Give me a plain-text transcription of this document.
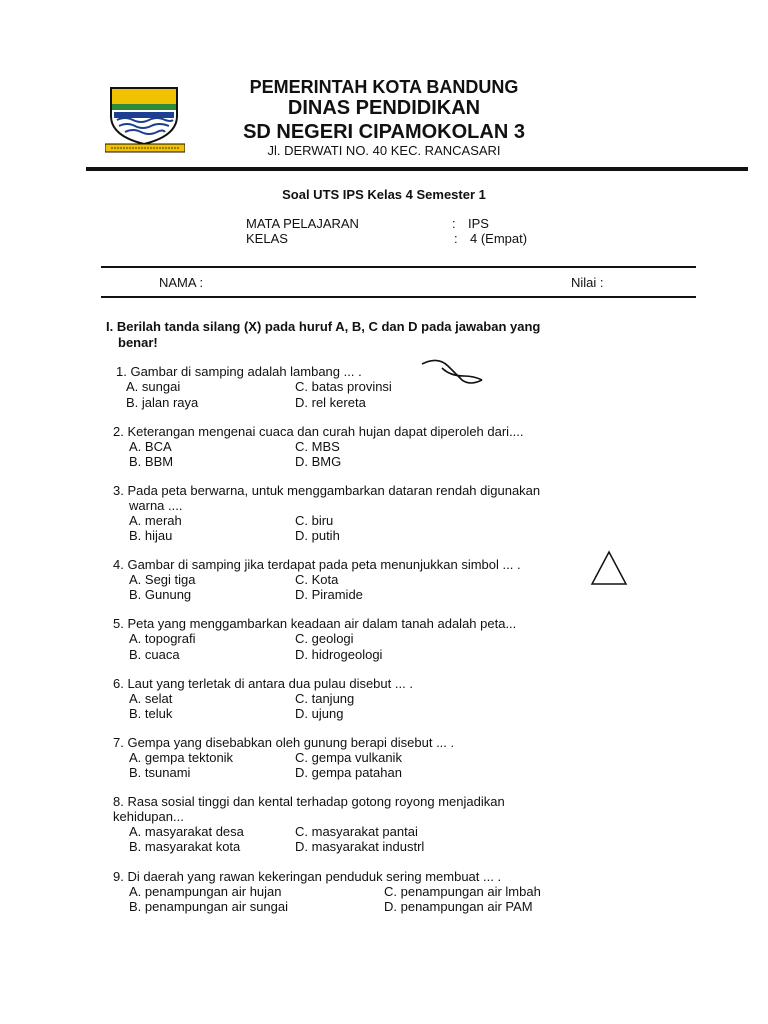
PEMERINTAH KOTA BANDUNG
DINAS PENDIDIKAN
SD NEGERI CIPAMOKOLAN 3
Jl. DERWATI NO. 40 KEC. RANCASARI
Soal UTS IPS Kelas 4 Semester 1
MATA PELAJARAN	: IPS
KELAS	: 4 (Empat)
NAMA :	Nilai :
I. Berilah tanda silang (X) pada huruf A, B, C dan D pada jawaban yang
benar!
1. Gambar di samping adalah lambang ... .
A. sungai	C. batas provinsi
B. jalan raya	D. rel kereta
2. Keterangan mengenai cuaca dan curah hujan dapat diperoleh dari....
A. BCA	C. MBS
B. BBM	D. BMG
3. Pada peta berwarna, untuk menggambarkan dataran rendah digunakan
warna ....
A. merah	C. biru
B. hijau	D. putih
4. Gambar di samping jika terdapat pada peta menunjukkan simbol ... .
A. Segi tiga	C. Kota
B. Gunung	D. Piramide
5. Peta yang menggambarkan keadaan air dalam tanah adalah peta...
A. topografi	C. geologi
B. cuaca	D. hidrogeologi
6. Laut yang terletak di antara dua pulau disebut ... .
A. selat	C. tanjung
B. teluk	D. ujung
7. Gempa yang disebabkan oleh gunung berapi disebut ... .
A. gempa tektonik	C. gempa vulkanik
B. tsunami	D. gempa patahan
8. Rasa sosial tinggi dan kental terhadap gotong royong menjadikan
kehidupan...
A. masyarakat desa	C. masyarakat pantai
B. masyarakat kota	D. masyarakat industrl
9. Di daerah yang rawan kekeringan penduduk sering membuat ... .
A. penampungan air hujan	C. penampungan air lmbah
B. penampungan air sungai	D. penampungan air PAM
